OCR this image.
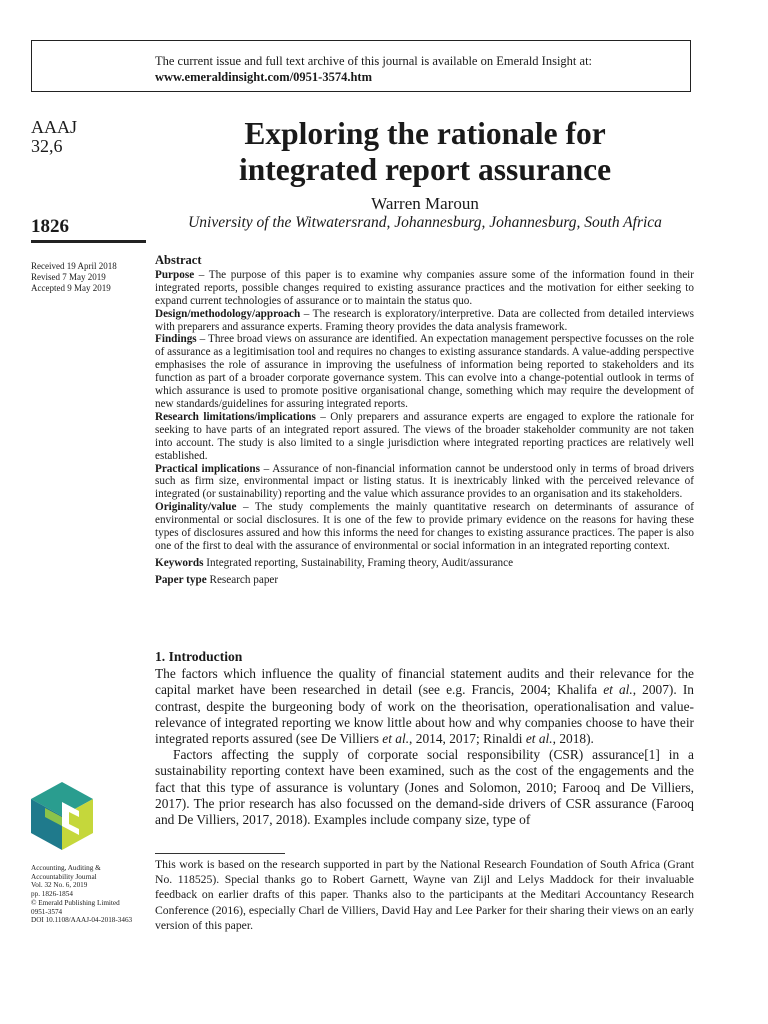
The current issue and full text archive of this journal is available on Emerald Insight at:
www.emeraldinsight.com/0951-3574.htm
AAAJ
32,6
1826
Received 19 April 2018
Revised 7 May 2019
Accepted 9 May 2019
Accounting, Auditing &
Accountability Journal
Vol. 32 No. 6, 2019
pp. 1826-1854
© Emerald Publishing Limited
0951-3574
DOI 10.1108/AAAJ-04-2018-3463
Exploring the rationale for
integrated report assurance
Warren Maroun
University of the Witwatersrand, Johannesburg, Johannesburg, South Africa
Abstract

Purpose – The purpose of this paper is to examine why companies assure some of the information found in their integrated reports, possible changes required to existing assurance practices and the motivation for either seeking to expand current technologies of assurance or to maintain the status quo.

Design/methodology/approach – The research is exploratory/interpretive. Data are collected from detailed interviews with preparers and assurance experts. Framing theory provides the data analysis framework.

Findings – Three broad views on assurance are identified. An expectation management perspective focusses on the role of assurance as a legitimisation tool and requires no changes to existing assurance standards. A value-adding perspective emphasises the role of assurance in improving the usefulness of information being reported to stakeholders and its function as part of a broader corporate governance system. This can evolve into a change-potential outlook in terms of which assurance is used to promote positive organisational change, something which may require the development of new standards/guidelines for assuring integrated reports.

Research limitations/implications – Only preparers and assurance experts are engaged to explore the rationale for seeking to have parts of an integrated report assured. The views of the broader stakeholder community are not taken into account. The study is also limited to a single jurisdiction where integrated reporting practices are relatively well established.

Practical implications – Assurance of non-financial information cannot be understood only in terms of broad drivers such as firm size, environmental impact or listing status. It is inextricably linked with the perceived relevance of integrated (or sustainability) reporting and the value which assurance provides to an organisation and its stakeholders.

Originality/value – The study complements the mainly quantitative research on determinants of assurance of environmental or social disclosures. It is one of the few to provide primary evidence on the reasons for having these types of disclosures assured and how this informs the need for changes to existing assurance practices. The paper is also one of the first to deal with the assurance of environmental or social information in an integrated reporting context.

Keywords Integrated reporting, Sustainability, Framing theory, Audit/assurance

Paper type Research paper

1. Introduction

The factors which influence the quality of financial statement audits and their relevance for the capital market have been researched in detail (see e.g. Francis, 2004; Khalifa et al., 2007). In contrast, despite the burgeoning body of work on the theorisation, operationalisation and value-relevance of integrated reporting we know little about how and why companies choose to have their integrated reports assured (see De Villiers et al., 2014, 2017; Rinaldi et al., 2018).

Factors affecting the supply of corporate social responsibility (CSR) assurance[1] in a sustainability reporting context have been examined, such as the cost of the engagements and the fact that this type of assurance is voluntary (Jones and Solomon, 2010; Farooq and De Villiers, 2017). The prior research has also focussed on the demand-side drivers of CSR assurance (Farooq and De Villiers, 2017, 2018). Examples include company size, type of

This work is based on the research supported in part by the National Research Foundation of South Africa (Grant No. 118525). Special thanks go to Robert Garnett, Wayne van Zijl and Lelys Maddock for their invaluable feedback on earlier drafts of this paper. Thanks also to the participants at the Meditari Accountancy Research Conference (2016), especially Charl de Villiers, David Hay and Lee Parker for their sharing their views on an early version of this paper.
